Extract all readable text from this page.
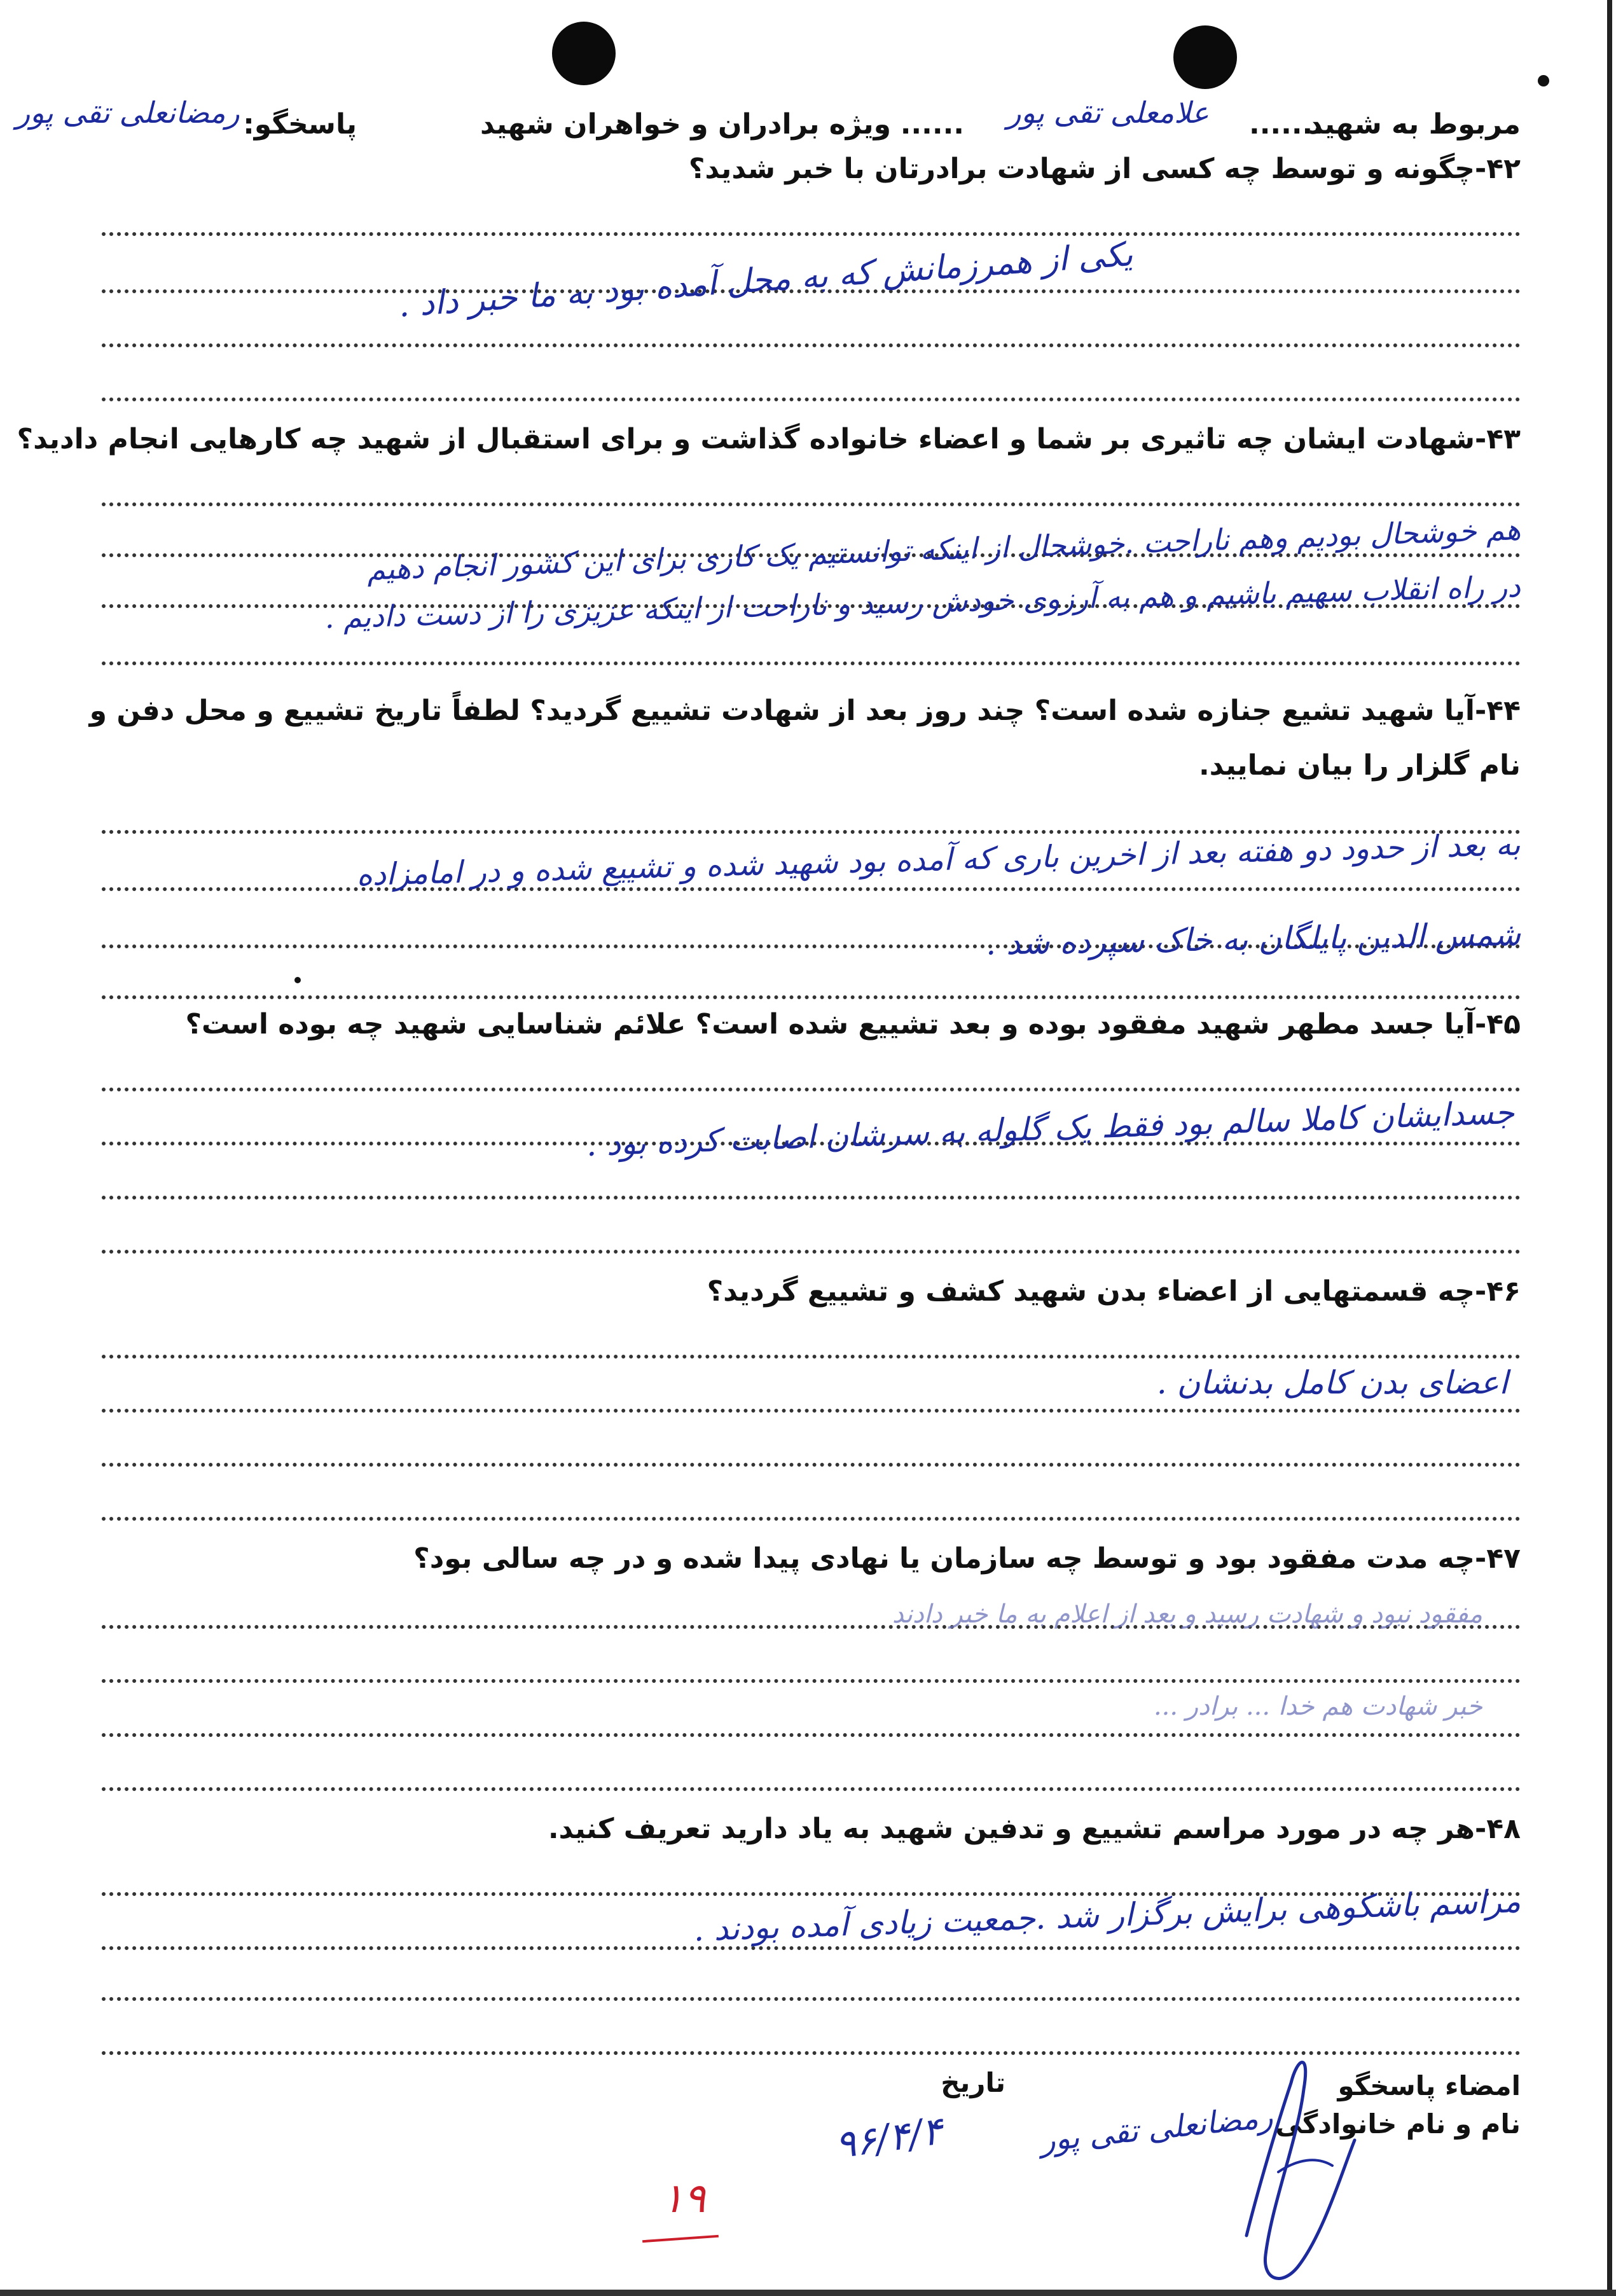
مربوط به شهید
.......
علامعلی تقی پور
......
ویژه برادران و خواهران شهید
پاسخگو:
رمضانعلی تقی پور
۴۲-چگونه و توسط چه کسی از شهادت برادرتان با خبر شدید؟
یکی از همرزمانش که به محل آمده بود به ما خبر داد .
۴۳-شهادت ایشان چه تاثیری بر شما و اعضاء خانواده گذاشت و برای استقبال از شهید چه کارهایی انجام دادید؟
هم خوشحال بودیم وهم ناراحت .خوشحال از اینکه توانستیم یک کاری برای این کشور انجام دهیم
در راه انقلاب سهیم باشیم و هم به آرزوی خودش رسید و ناراحت از اینکه عزیزی را از دست دادیم .
۴۴-آیا شهید تشیع جنازه شده است؟ چند روز بعد از شهادت تشییع گردید؟ لطفاً تاریخ تشییع و محل دفن و نام گلزار را بیان نمایید.
به بعد از حدود دو هفته بعد از اخرین باری که آمده بود شهید شده و تشییع شده و در امامزاده
شمس الدین پایلگان به خاک سپرده شد .
۴۵-آیا جسد مطهر شهید مفقود بوده و بعد تشییع شده است؟ علائم شناسایی شهید چه بوده است؟
جسدایشان کاملا سالم بود فقط یک گلوله به سرشان اصابت کرده بود .
۴۶-چه قسمتهایی از اعضاء بدن شهید کشف و تشییع گردید؟
اعضای بدن کامل بدنشان .
۴۷-چه مدت مفقود بود و توسط چه سازمان یا نهادی پیدا شده و در چه سالی بود؟
مفقود نبود و شهادت رسید و بعد از اعلام به ما خبر دادند
خبر شهادت هم خدا ... برادر ...
۴۸-هر چه در مورد مراسم تشییع و تدفین شهید به یاد دارید تعریف کنید.
مراسم باشکوهی برایش برگزار شد .جمعیت زیادی آمده بودند .
امضاء پاسخگو
نام و نام خانوادگی
تاریخ
۹۶/۴/۴	رمضانعلی تقی پور
۱۹
